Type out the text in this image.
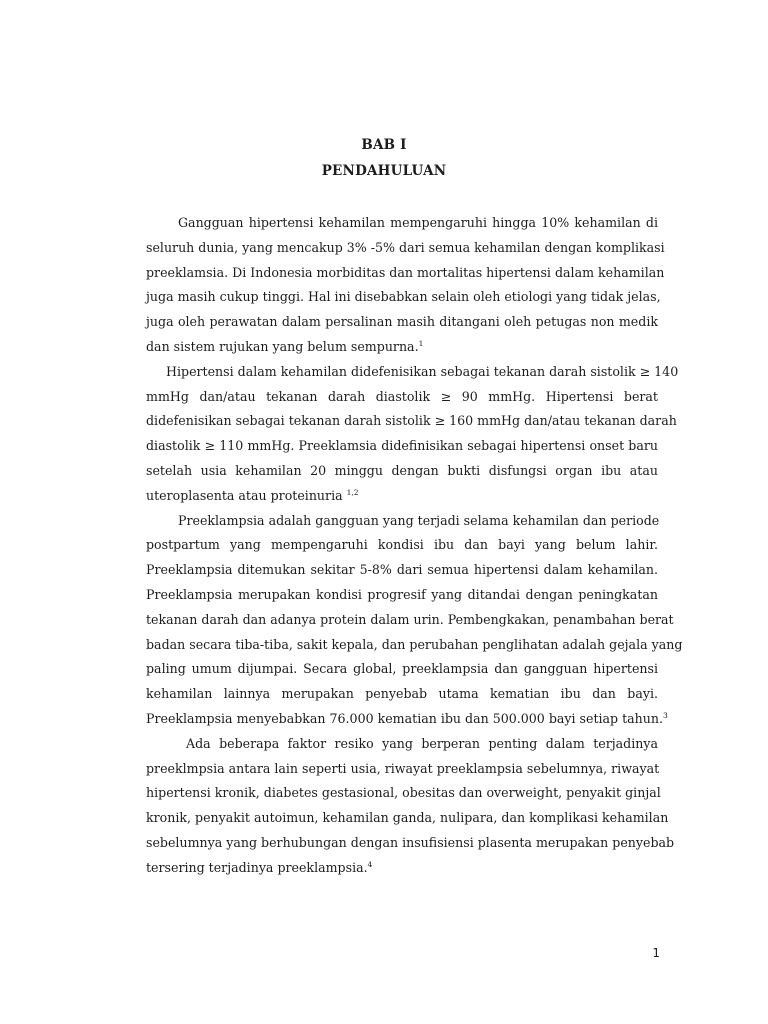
BAB I
PENDAHULUAN
Gangguan hipertensi kehamilan mempengaruhi hingga 10% kehamilan di
seluruh dunia, yang mencakup 3% -5% dari semua kehamilan dengan komplikasi
preeklamsia. Di Indonesia morbiditas dan mortalitas hipertensi dalam kehamilan
juga masih cukup tinggi. Hal ini disebabkan selain oleh etiologi yang tidak jelas,
juga oleh perawatan dalam persalinan masih ditangani oleh petugas non medik
dan sistem rujukan yang belum sempurna.$^1$
Hipertensi dalam kehamilan didefenisikan sebagai tekanan darah sistolik ≥ 140
mmHg dan/atau tekanan darah diastolik ≥ 90 mmHg. Hipertensi berat
didefenisikan sebagai tekanan darah sistolik ≥ 160 mmHg dan/atau tekanan darah
diastolik ≥ 110 mmHg. Preeklamsia didefinisikan sebagai hipertensi onset baru
setelah usia kehamilan 20 minggu dengan bukti disfungsi organ ibu atau
uteroplasenta atau proteinuria $^{1,2}$
Preeklampsia adalah gangguan yang terjadi selama kehamilan dan periode
postpartum yang mempengaruhi kondisi ibu dan bayi yang belum lahir.
Preeklampsia ditemukan sekitar 5-8% dari semua hipertensi dalam kehamilan.
Preeklampsia merupakan kondisi progresif yang ditandai dengan peningkatan
tekanan darah dan adanya protein dalam urin. Pembengkakan, penambahan berat
badan secara tiba-tiba, sakit kepala, dan perubahan penglihatan adalah gejala yang
paling umum dijumpai. Secara global, preeklampsia dan gangguan hipertensi
kehamilan lainnya merupakan penyebab utama kematian ibu dan bayi.
Preeklampsia menyebabkan 76.000 kematian ibu dan 500.000 bayi setiap tahun.$^3$
Ada beberapa faktor resiko yang berperan penting dalam terjadinya
preeklmpsia antara lain seperti usia, riwayat preeklampsia sebelumnya, riwayat
hipertensi kronik, diabetes gestasional, obesitas dan overweight, penyakit ginjal
kronik, penyakit autoimun, kehamilan ganda, nulipara, dan komplikasi kehamilan
sebelumnya yang berhubungan dengan insufisiensi plasenta merupakan penyebab
tersering terjadinya preeklampsia.$^4$
1
